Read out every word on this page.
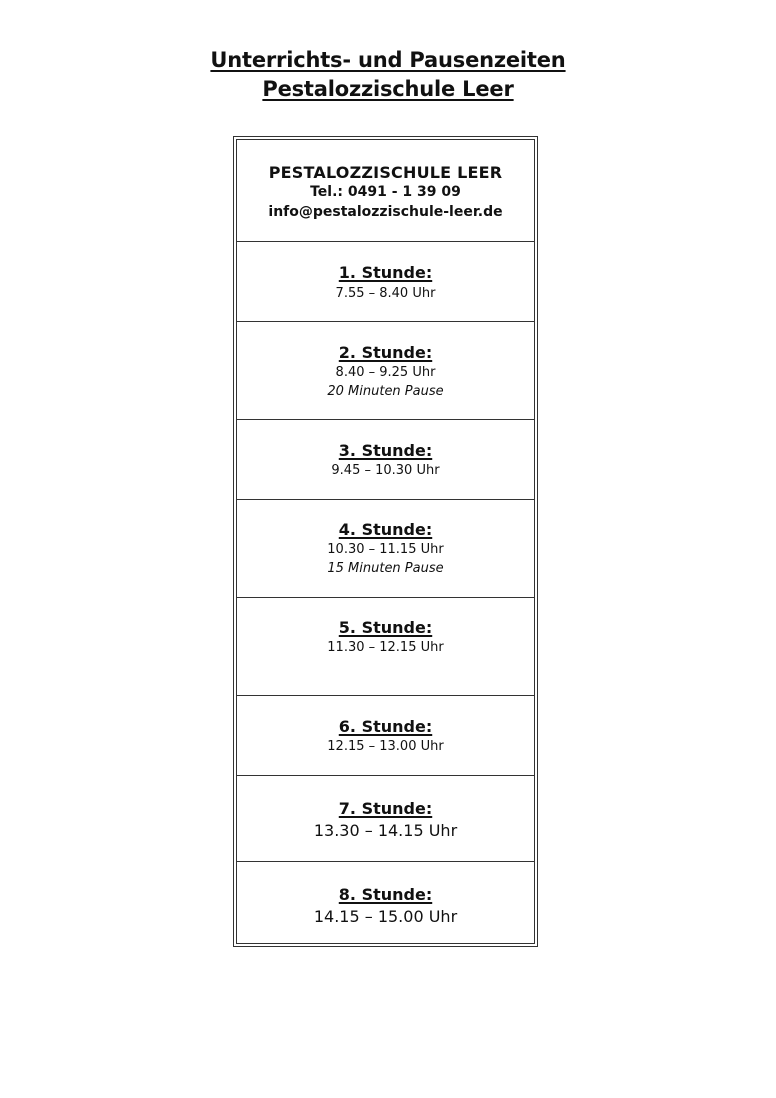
Unterrichts- und Pausenzeiten
Pestalozzischule Leer
PESTALOZZISCHULE LEER
Tel.: 0491 - 1 39 09
info@pestalozzischule-leer.de
1. Stunde:
7.55 – 8.40 Uhr
2. Stunde:
8.40 – 9.25 Uhr
20 Minuten Pause
3. Stunde:
9.45 – 10.30 Uhr
4. Stunde:
10.30 – 11.15 Uhr
15 Minuten Pause
5. Stunde:
11.30 – 12.15 Uhr
6. Stunde:
12.15 – 13.00 Uhr
7. Stunde:
13.30 – 14.15 Uhr
8. Stunde:
14.15 – 15.00 Uhr
